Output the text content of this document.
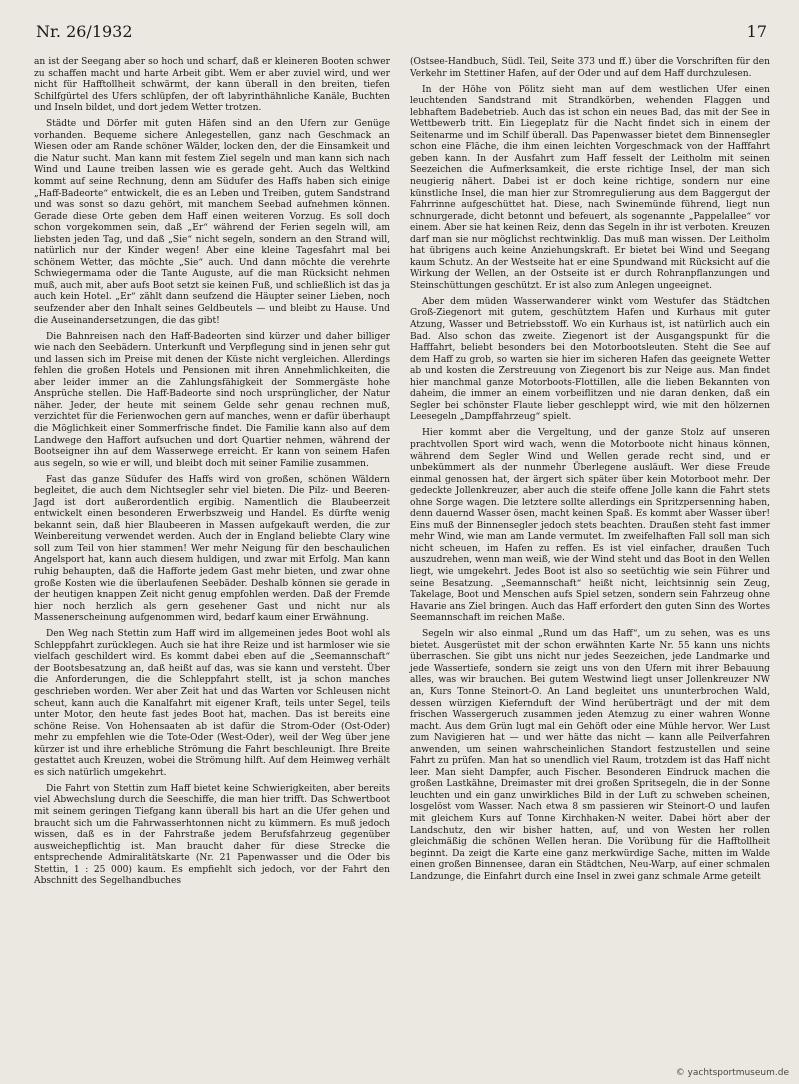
Nr. 26/1932	17

an ist der Seegang aber so hoch und scharf, daß er kleineren Booten schwer zu schaffen macht und harte Arbeit gibt. Wem er aber zuviel wird, und wer nicht für Hafftollheit schwärmt, der kann überall in den breiten, tiefen Schilfgürtel des Ufers schlüpfen, der oft labyrinthähnliche Kanäle, Buchten und Inseln bildet, und dort jedem Wetter trotzen.

Städte und Dörfer mit guten Häfen sind an den Ufern zur Genüge vorhanden. Bequeme sichere Anlegestellen, ganz nach Geschmack an Wiesen oder am Rande schöner Wälder, locken den, der die Einsamkeit und die Natur sucht. Man kann mit festem Ziel segeln und man kann sich nach Wind und Laune treiben lassen wie es gerade geht. Auch das Weltkind kommt auf seine Rechnung, denn am Südufer des Haffs haben sich einige „Haff-Badeorte“ entwickelt, die es an Leben und Treiben, gutem Sandstrand und was sonst so dazu gehört, mit manchem Seebad aufnehmen können. Gerade diese Orte geben dem Haff einen weiteren Vorzug. Es soll doch schon vorgekommen sein, daß „Er“ während der Ferien segeln will, am liebsten jeden Tag, und daß „Sie“ nicht segeln, sondern an den Strand will, natürlich nur der Kinder wegen! Aber eine kleine Tagesfahrt mal bei schönem Wetter, das möchte „Sie“ auch. Und dann möchte die verehrte Schwiegermama oder die Tante Auguste, auf die man Rücksicht nehmen muß, auch mit, aber aufs Boot setzt sie keinen Fuß, und schließlich ist das ja auch kein Hotel. „Er“ zählt dann seufzend die Häupter seiner Lieben, noch seufzender aber den Inhalt seines Geldbeutels — und bleibt zu Hause. Und die Auseinandersetzungen, die das gibt!

Die Bahnreisen nach den Haff-Badeorten sind kürzer und daher billiger wie nach den Seebädern. Unterkunft und Verpflegung sind in jenen sehr gut und lassen sich im Preise mit denen der Küste nicht vergleichen. Allerdings fehlen die großen Hotels und Pensionen mit ihren Annehmlichkeiten, die aber leider immer an die Zahlungsfähigkeit der Sommergäste hohe Ansprüche stellen. Die Haff-Badeorte sind noch ursprünglicher, der Natur näher. Jeder, der heute mit seinem Gelde sehr genau rechnen muß, verzichtet für die Ferienwochen gern auf manches, wenn er dafür überhaupt die Möglichkeit einer Sommerfrische findet. Die Familie kann also auf dem Landwege den Haffort aufsuchen und dort Quartier nehmen, während der Bootseigner ihn auf dem Wasserwege erreicht. Er kann von seinem Hafen aus segeln, so wie er will, und bleibt doch mit seiner Familie zusammen.

Fast das ganze Südufer des Haffs wird von großen, schönen Wäldern begleitet, die auch dem Nichtsegler sehr viel bieten. Die Pilz- und Beeren-Jagd ist dort außerordentlich ergibig. Namentlich die Blaubeerzeit entwickelt einen besonderen Erwerbszweig und Handel. Es dürfte wenig bekannt sein, daß hier Blaubeeren in Massen aufgekauft werden, die zur Weinbereitung verwendet werden. Auch der in England beliebte Clary wine soll zum Teil von hier stammen! Wer mehr Neigung für den beschaulichen Angelsport hat, kann auch diesem huldigen, und zwar mit Erfolg. Man kann ruhig behaupten, daß die Hafforte jedem Gast mehr bieten, und zwar ohne große Kosten wie die überlaufenen Seebäder. Deshalb können sie gerade in der heutigen knappen Zeit nicht genug empfohlen werden. Daß der Fremde hier noch herzlich als gern gesehener Gast und nicht nur als Massenerscheinung aufgenommen wird, bedarf kaum einer Erwähnung.

Den Weg nach Stettin zum Haff wird im allgemeinen jedes Boot wohl als Schleppfahrt zurücklegen. Auch sie hat ihre Reize und ist harmloser wie sie vielfach geschildert wird. Es kommt dabei eben auf die „Seemannschaft“ der Bootsbesatzung an, daß heißt auf das, was sie kann und versteht. Über die Anforderungen, die die Schleppfahrt stellt, ist ja schon manches geschrieben worden. Wer aber Zeit hat und das Warten vor Schleusen nicht scheut, kann auch die Kanalfahrt mit eigener Kraft, teils unter Segel, teils unter Motor, den heute fast jedes Boot hat, machen. Das ist bereits eine schöne Reise. Von Hohensaaten ab ist dafür die Strom-Oder (Ost-Oder) mehr zu empfehlen wie die Tote-Oder (West-Oder), weil der Weg über jene kürzer ist und ihre erhebliche Strömung die Fahrt beschleunigt. Ihre Breite gestattet auch Kreuzen, wobei die Strömung hilft. Auf dem Heimweg verhält es sich natürlich umgekehrt.

Die Fahrt von Stettin zum Haff bietet keine Schwierigkeiten, aber bereits viel Abwechslung durch die Seeschiffe, die man hier trifft. Das Schwertboot mit seinem geringen Tiefgang kann überall bis hart an die Ufer gehen und braucht sich um die Fahrwasserhtonnen nicht zu kümmern. Es muß jedoch wissen, daß es in der Fahrstraße jedem Berufsfahrzeug gegenüber ausweichepflichtig ist. Man braucht daher für diese Strecke die entsprechende Admiralitätskarte (Nr. 21 Papenwasser und die Oder bis Stettin, 1 : 25 000) kaum. Es empfiehlt sich jedoch, vor der Fahrt den Abschnitt des Segelhandbuches

(Ostsee-Handbuch, Südl. Teil, Seite 373 und ff.) über die Vorschriften für den Verkehr im Stettiner Hafen, auf der Oder und auf dem Haff durchzulesen.

In der Höhe von Pölitz sieht man auf dem westlichen Ufer einen leuchtenden Sandstrand mit Strandkörben, wehenden Flaggen und lebhaftem Badebetrieb. Auch das ist schon ein neues Bad, das mit der See in Wettbewerb tritt. Ein Liegeplatz für die Nacht findet sich in einem der Seitenarme und im Schilf überall. Das Papenwasser bietet dem Binnensegler schon eine Fläche, die ihm einen leichten Vorgeschmack von der Hafffahrt geben kann. In der Ausfahrt zum Haff fesselt der Leitholm mit seinen Seezeichen die Aufmerksamkeit, die erste richtige Insel, der man sich neugierig nähert. Dabei ist er doch keine richtige, sondern nur eine künstliche Insel, die man hier zur Stromregulierung aus dem Baggergut der Fahrrinne aufgeschüttet hat. Diese, nach Swinemünde führend, liegt nun schnurgerade, dicht betonnt und befeuert, als sogenannte „Pappelallee“ vor einem. Aber sie hat keinen Reiz, denn das Segeln in ihr ist verboten. Kreuzen darf man sie nur möglichst rechtwinklig. Das muß man wissen. Der Leitholm hat übrigens auch keine Anziehungskraft. Er bietet bei Wind und Seegang kaum Schutz. An der Westseite hat er eine Spundwand mit Rücksicht auf die Wirkung der Wellen, an der Ostseite ist er durch Rohranpflanzungen und Steinschüttungen geschützt. Er ist also zum Anlegen ungeeignet.

Aber dem müden Wasserwanderer winkt vom Westufer das Städtchen Groß-Ziegenort mit gutem, geschütztem Hafen und Kurhaus mit guter Atzung, Wasser und Betriebsstoff. Wo ein Kurhaus ist, ist natürlich auch ein Bad. Also schon das zweite. Ziegenort ist der Ausgangspunkt für die Hafffahrt, beliebt besonders bei den Motorbootsleuten. Steht die See auf dem Haff zu grob, so warten sie hier im sicheren Hafen das geeignete Wetter ab und kosten die Zerstreuung von Ziegenort bis zur Neige aus. Man findet hier manchmal ganze Motorboots-Flottillen, alle die lieben Bekannten von daheim, die immer an einem vorbeiflitzen und nie daran denken, daß ein Segler bei schönster Flaute lieber geschleppt wird, wie mit den hölzernen Leesegeln „Dampffahrzeug“ spielt.

Hier kommt aber die Vergeltung, und der ganze Stolz auf unseren prachtvollen Sport wird wach, wenn die Motorboote nicht hinaus können, während dem Segler Wind und Wellen gerade recht sind, und er unbekümmert als der nunmehr Überlegene ausläuft. Wer diese Freude einmal genossen hat, der ärgert sich später über kein Motorboot mehr. Der gedeckte Jollenkreuzer, aber auch die steife offene Jolle kann die Fahrt stets ohne Sorge wagen. Die letztere sollte allerdings ein Spritzpersenning haben, denn dauernd Wasser ösen, macht keinen Spaß. Es kommt aber Wasser über! Eins muß der Binnensegler jedoch stets beachten. Draußen steht fast immer mehr Wind, wie man am Lande vermutet. Im zweifelhaften Fall soll man sich nicht scheuen, im Hafen zu reffen. Es ist viel einfacher, draußen Tuch auszudrehen, wenn man weiß, wie der Wind steht und das Boot in den Wellen liegt, wie umgekehrt. Jedes Boot ist also so seetüchtig wie sein Führer und seine Besatzung. „Seemannschaft“ heißt nicht, leichtsinnig sein Zeug, Takelage, Boot und Menschen aufs Spiel setzen, sondern sein Fahrzeug ohne Havarie ans Ziel bringen. Auch das Haff erfordert den guten Sinn des Wortes Seemannschaft im reichen Maße.

Segeln wir also einmal „Rund um das Haff“, um zu sehen, was es uns bietet. Ausgerüstet mit der schon erwähnten Karte Nr. 55 kann uns nichts überraschen. Sie gibt uns nicht nur jedes Seezeichen, jede Landmarke und jede Wassertiefe, sondern sie zeigt uns von den Ufern mit ihrer Bebauung alles, was wir brauchen. Bei gutem Westwind liegt unser Jollenkreuzer NW an, Kurs Tonne Steinort-O. An Land begleitet uns ununterbrochen Wald, dessen würzigen Kiefernduft der Wind herüberträgt und der mit dem frischen Wassergeruch zusammen jeden Atemzug zu einer wahren Wonne macht. Aus dem Grün lugt mal ein Gehöft oder eine Mühle hervor. Wer Lust zum Navigieren hat — und wer hätte das nicht — kann alle Peilverfahren anwenden, um seinen wahrscheinlichen Standort festzustellen und seine Fahrt zu prüfen. Man hat so unendlich viel Raum, trotzdem ist das Haff nicht leer. Man sieht Dampfer, auch Fischer. Besonderen Eindruck machen die großen Lastkähne, Dreimaster mit drei großen Spritsegeln, die in der Sonne leuchten und ein ganz unwirkliches Bild in der Luft zu schweben scheinen, losgelöst vom Wasser. Nach etwa 8 sm passieren wir Steinort-O und laufen mit gleichem Kurs auf Tonne Kirchhaken-N weiter. Dabei hört aber der Landschutz, den wir bisher hatten, auf, und von Westen her rollen gleichmäßig die schönen Wellen heran. Die Vorübung für die Hafftollheit beginnt. Da zeigt die Karte eine ganz merkwürdige Sache, mitten im Walde einen großen Binnensee, daran ein Städtchen, Neu-Warp, auf einer schmalen Landzunge, die Einfahrt durch eine Insel in zwei ganz schmale Arme geteilt

© yachtsportmuseum.de
